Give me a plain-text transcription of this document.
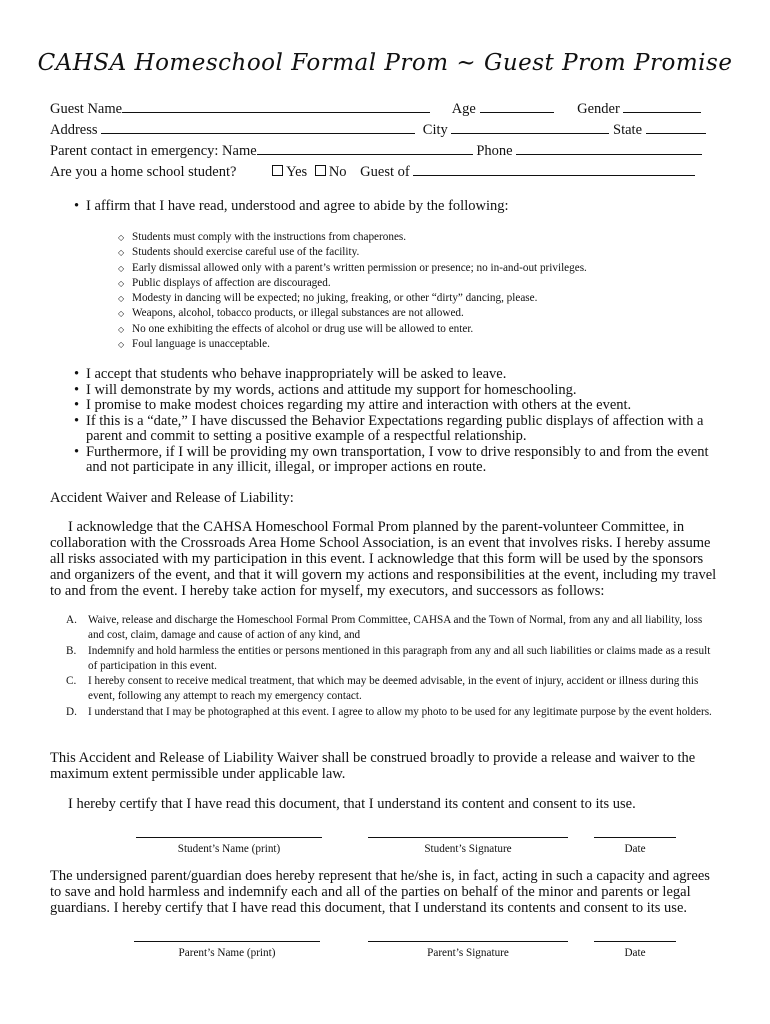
CAHSA Homeschool Formal Prom ~ Guest Prom Promise
Guest Name	Age	Gender
Address	City	State
Parent contact in emergency: Name	Phone
Are you a home school student?	Yes No Guest of
• I affirm that I have read, understood and agree to abide by the following:
◇ Students must comply with the instructions from chaperones.
◇ Students should exercise careful use of the facility.
◇ Early dismissal allowed only with a parent’s written permission or presence; no in-and-out privileges.
◇ Public displays of affection are discouraged.
◇ Modesty in dancing will be expected; no juking, freaking, or other “dirty” dancing, please.
◇ Weapons, alcohol, tobacco products, or illegal substances are not allowed.
◇ No one exhibiting the effects of alcohol or drug use will be allowed to enter.
◇ Foul language is unacceptable.
• I accept that students who behave inappropriately will be asked to leave.
• I will demonstrate by my words, actions and attitude my support for homeschooling.
• I promise to make modest choices regarding my attire and interaction with others at the event.
• If this is a “date,” I have discussed the Behavior Expectations regarding public displays of affection with a parent and commit to setting a positive example of a respectful relationship.
• Furthermore, if I will be providing my own transportation, I vow to drive responsibly to and from the event and not participate in any illicit, illegal, or improper actions en route.
Accident Waiver and Release of Liability:
I acknowledge that the CAHSA Homeschool Formal Prom planned by the parent-volunteer Committee, in collaboration with the Crossroads Area Home School Association, is an event that involves risks. I hereby assume all risks associated with my participation in this event. I acknowledge that this form will be used by the sponsors and organizers of the event, and that it will govern my actions and responsibilities at the event, including my travel to and from the event. I hereby take action for myself, my executors, and successors as follows:
A. Waive, release and discharge the Homeschool Formal Prom Committee, CAHSA and the Town of Normal, from any and all liability, loss and cost, claim, damage and cause of action of any kind, and
B. Indemnify and hold harmless the entities or persons mentioned in this paragraph from any and all such liabilities or claims made as a result of participation in this event.
C. I hereby consent to receive medical treatment, that which may be deemed advisable, in the event of injury, accident or illness during this event, following any attempt to reach my emergency contact.
D. I understand that I may be photographed at this event. I agree to allow my photo to be used for any legitimate purpose by the event holders.
This Accident and Release of Liability Waiver shall be construed broadly to provide a release and waiver to the maximum extent permissible under applicable law.
I hereby certify that I have read this document, that I understand its content and consent to its use.
Student’s Name (print)	Student’s Signature	Date
The undersigned parent/guardian does hereby represent that he/she is, in fact, acting in such a capacity and agrees to save and hold harmless and indemnify each and all of the parties on behalf of the minor and parents or legal guardians. I hereby certify that I have read this document, that I understand its contents and consent to its use.
Parent’s Name (print)	Parent’s Signature	Date
